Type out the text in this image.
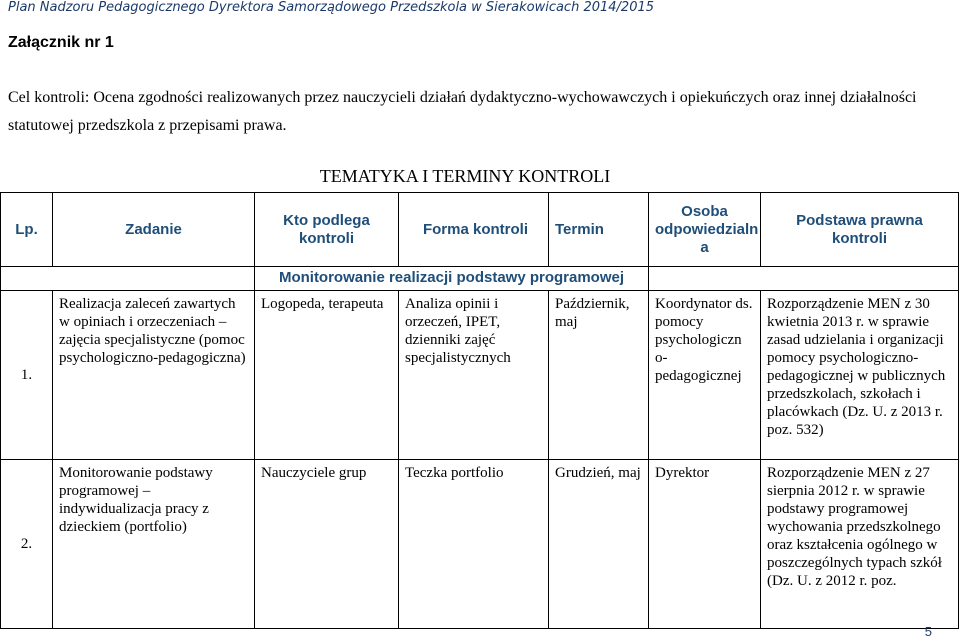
Plan Nadzoru Pedagogicznego Dyrektora Samorządowego Przedszkola w Sierakowicach 2014/2015
Załącznik nr 1
Cel kontroli: Ocena zgodności realizowanych przez nauczycieli działań dydaktyczno-wychowawczych i opiekuńczych oraz innej działalności statutowej przedszkola z przepisami prawa.
TEMATYKA I TERMINY KONTROLI
Lp.	Zadanie	Kto podlega kontroli	Forma kontroli	Termin	Osoba odpowiedzialn a	Podstawa prawna kontroli
		Monitorowanie realizacji podstawy programowej				
1.	Realizacja zaleceń zawartych w opiniach i orzeczeniach – zajęcia specjalistyczne (pomoc psychologiczno-pedagogiczna)	Logopeda, terapeuta	Analiza opinii i orzeczeń, IPET, dzienniki zajęć specjalistycznych	Październik, maj	Koordynator ds. pomocy psychologiczn o-pedagogicznej	Rozporządzenie MEN z 30 kwietnia 2013 r. w sprawie zasad udzielania i organizacji pomocy psychologiczno-pedagogicznej w publicznych przedszkolach, szkołach i placówkach (Dz. U. z 2013 r. poz. 532)
2.	Monitorowanie podstawy programowej – indywidualizacja pracy z dzieckiem (portfolio)	Nauczyciele grup	Teczka portfolio	Grudzień, maj	Dyrektor	Rozporządzenie MEN z 27 sierpnia 2012 r. w sprawie podstawy programowej wychowania przedszkolnego oraz kształcenia ogólnego w poszczególnych typach szkół (Dz. U. z 2012 r. poz.
5
